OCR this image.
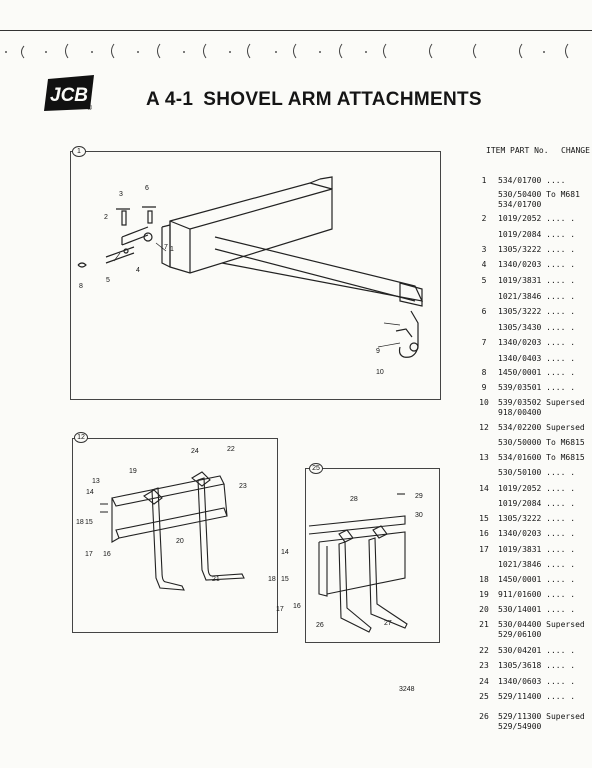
JCB
®	A 4-1 SHOVEL ARM ATTACHMENTS
1
1
2
3
4
5
6
7
8
9
10
12
13
14
15
16
17
18
19
20
21
22
23
24
25
14
15
16
17
18
26	27
28	29
30
3248
ITEM PART No. CHANGE
1 534/01700 ....
530/50400 To M681
534/01700
2 1019/2052 .... .
1019/2084 .... .
3 1305/3222 .... .
4 1340/0203 .... .
5 1019/3831 .... .
1021/3846 .... .
6 1305/3222 .... .
1305/3430 .... .
7 1340/0203 .... .
1340/0403 .... .
8 1450/0001 .... .
9 539/03501 .... .
10 539/03502 Supersed
918/00400
12 534/02200 Supersed
530/50000 To M6815
13 534/01600 To M6815
530/50100 .... .
14 1019/2052 .... .
1019/2084 .... .
15 1305/3222 .... .
16 1340/0203 .... .
17 1019/3831 .... .
1021/3846 .... .
18 1450/0001 .... .
19 911/01600 .... .
20 530/14001 .... .
21 530/04400 Supersed
529/06100
22 530/04201 .... .
23 1305/3618 .... .
24 1340/0603 .... .
25 529/11400 .... .
26 529/11300 Supersed
529/54900
